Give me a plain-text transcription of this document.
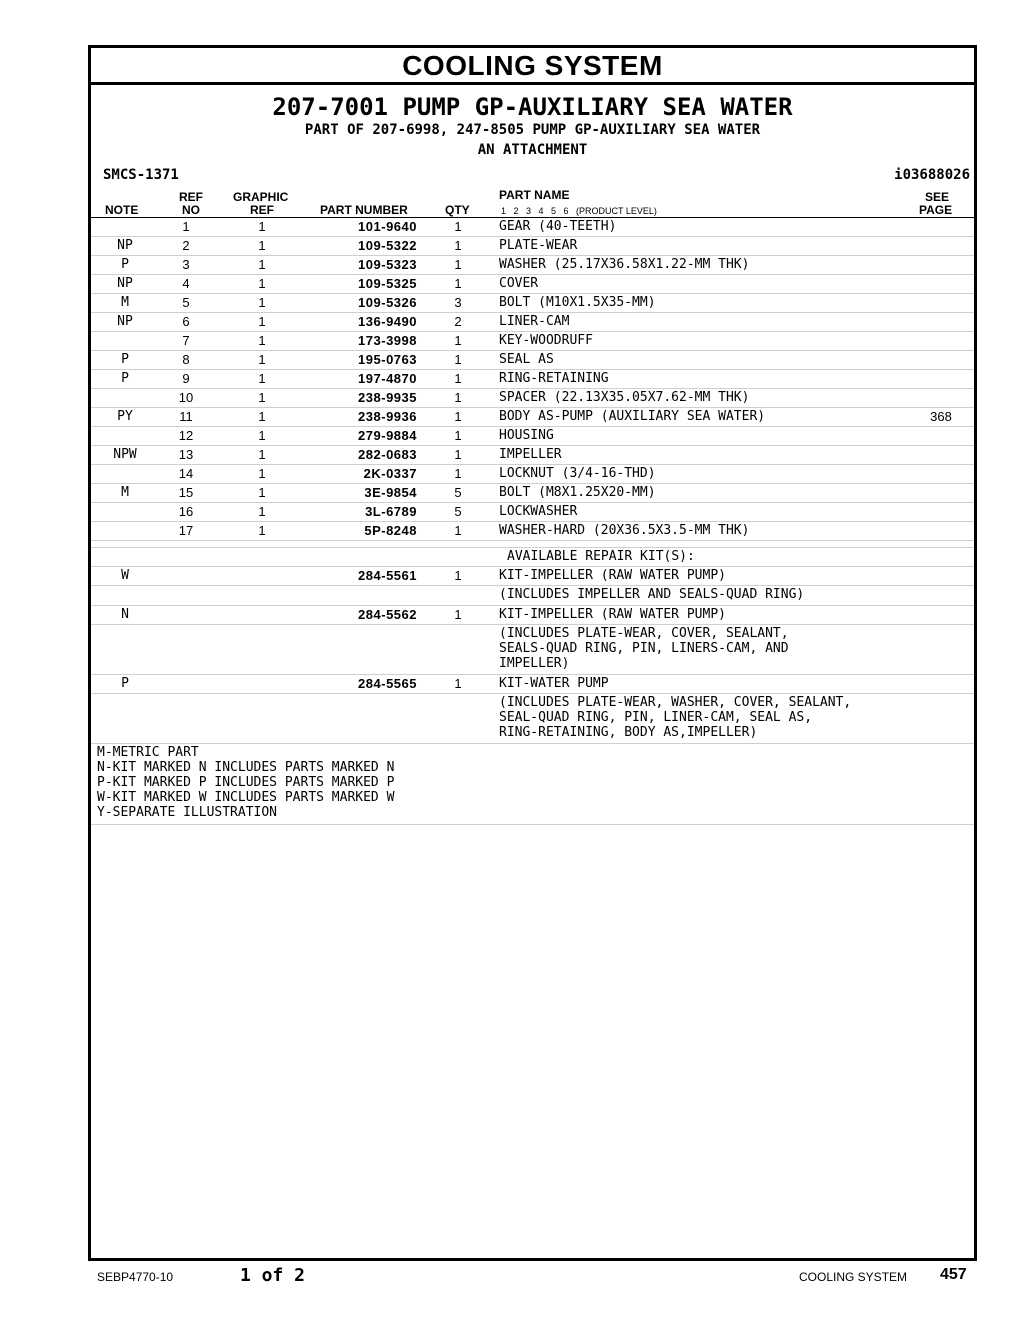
COOLING SYSTEM
207-7001 PUMP GP-AUXILIARY SEA WATER
PART OF 207-6998, 247-8505 PUMP GP-AUXILIARY SEA WATER
AN ATTACHMENT
SMCS-1371	i03688026
NOTE
REF
NO
GRAPHIC
REF	PART NUMBER	QTY
PART NAME
1   2   3   4   5   6   (PRODUCT LEVEL)
SEE
PAGE
1	1	101-9640	1	GEAR (40-TEETH)
NP	2	1	109-5322	1	PLATE-WEAR
P	3	1	109-5323	1	WASHER (25.17X36.58X1.22-MM THK)
NP	4	1	109-5325	1	COVER
M	5	1	109-5326	3	BOLT (M10X1.5X35-MM)
NP	6	1	136-9490	2	LINER-CAM
7	1	173-3998	1	KEY-WOODRUFF
P	8	1	195-0763	1	SEAL AS
P	9	1	197-4870	1	RING-RETAINING
10	1	238-9935	1	SPACER (22.13X35.05X7.62-MM THK)
PY	11	1	238-9936	1	BODY AS-PUMP (AUXILIARY SEA WATER)	368
12	1	279-9884	1	HOUSING
NPW	13	1	282-0683	1	IMPELLER
14	1	2K-0337	1	LOCKNUT (3/4-16-THD)
M	15	1	3E-9854	5	BOLT (M8X1.25X20-MM)
16	1	3L-6789	5	LOCKWASHER
17	1	5P-8248	1	WASHER-HARD (20X36.5X3.5-MM THK)
AVAILABLE REPAIR KIT(S):
W	284-5561	1	KIT-IMPELLER (RAW WATER PUMP)
(INCLUDES IMPELLER AND SEALS-QUAD RING)
N	284-5562	1	KIT-IMPELLER (RAW WATER PUMP)
(INCLUDES PLATE-WEAR, COVER, SEALANT,
SEALS-QUAD RING, PIN, LINERS-CAM, AND
IMPELLER)
P	284-5565	1	KIT-WATER PUMP
(INCLUDES PLATE-WEAR, WASHER, COVER, SEALANT,
SEAL-QUAD RING, PIN, LINER-CAM, SEAL AS,
RING-RETAINING, BODY AS,IMPELLER)
M-METRIC PART
N-KIT MARKED N INCLUDES PARTS MARKED N
P-KIT MARKED P INCLUDES PARTS MARKED P
W-KIT MARKED W INCLUDES PARTS MARKED W
Y-SEPARATE ILLUSTRATION
SEBP4770-10	1 of 2	COOLING SYSTEM 457
